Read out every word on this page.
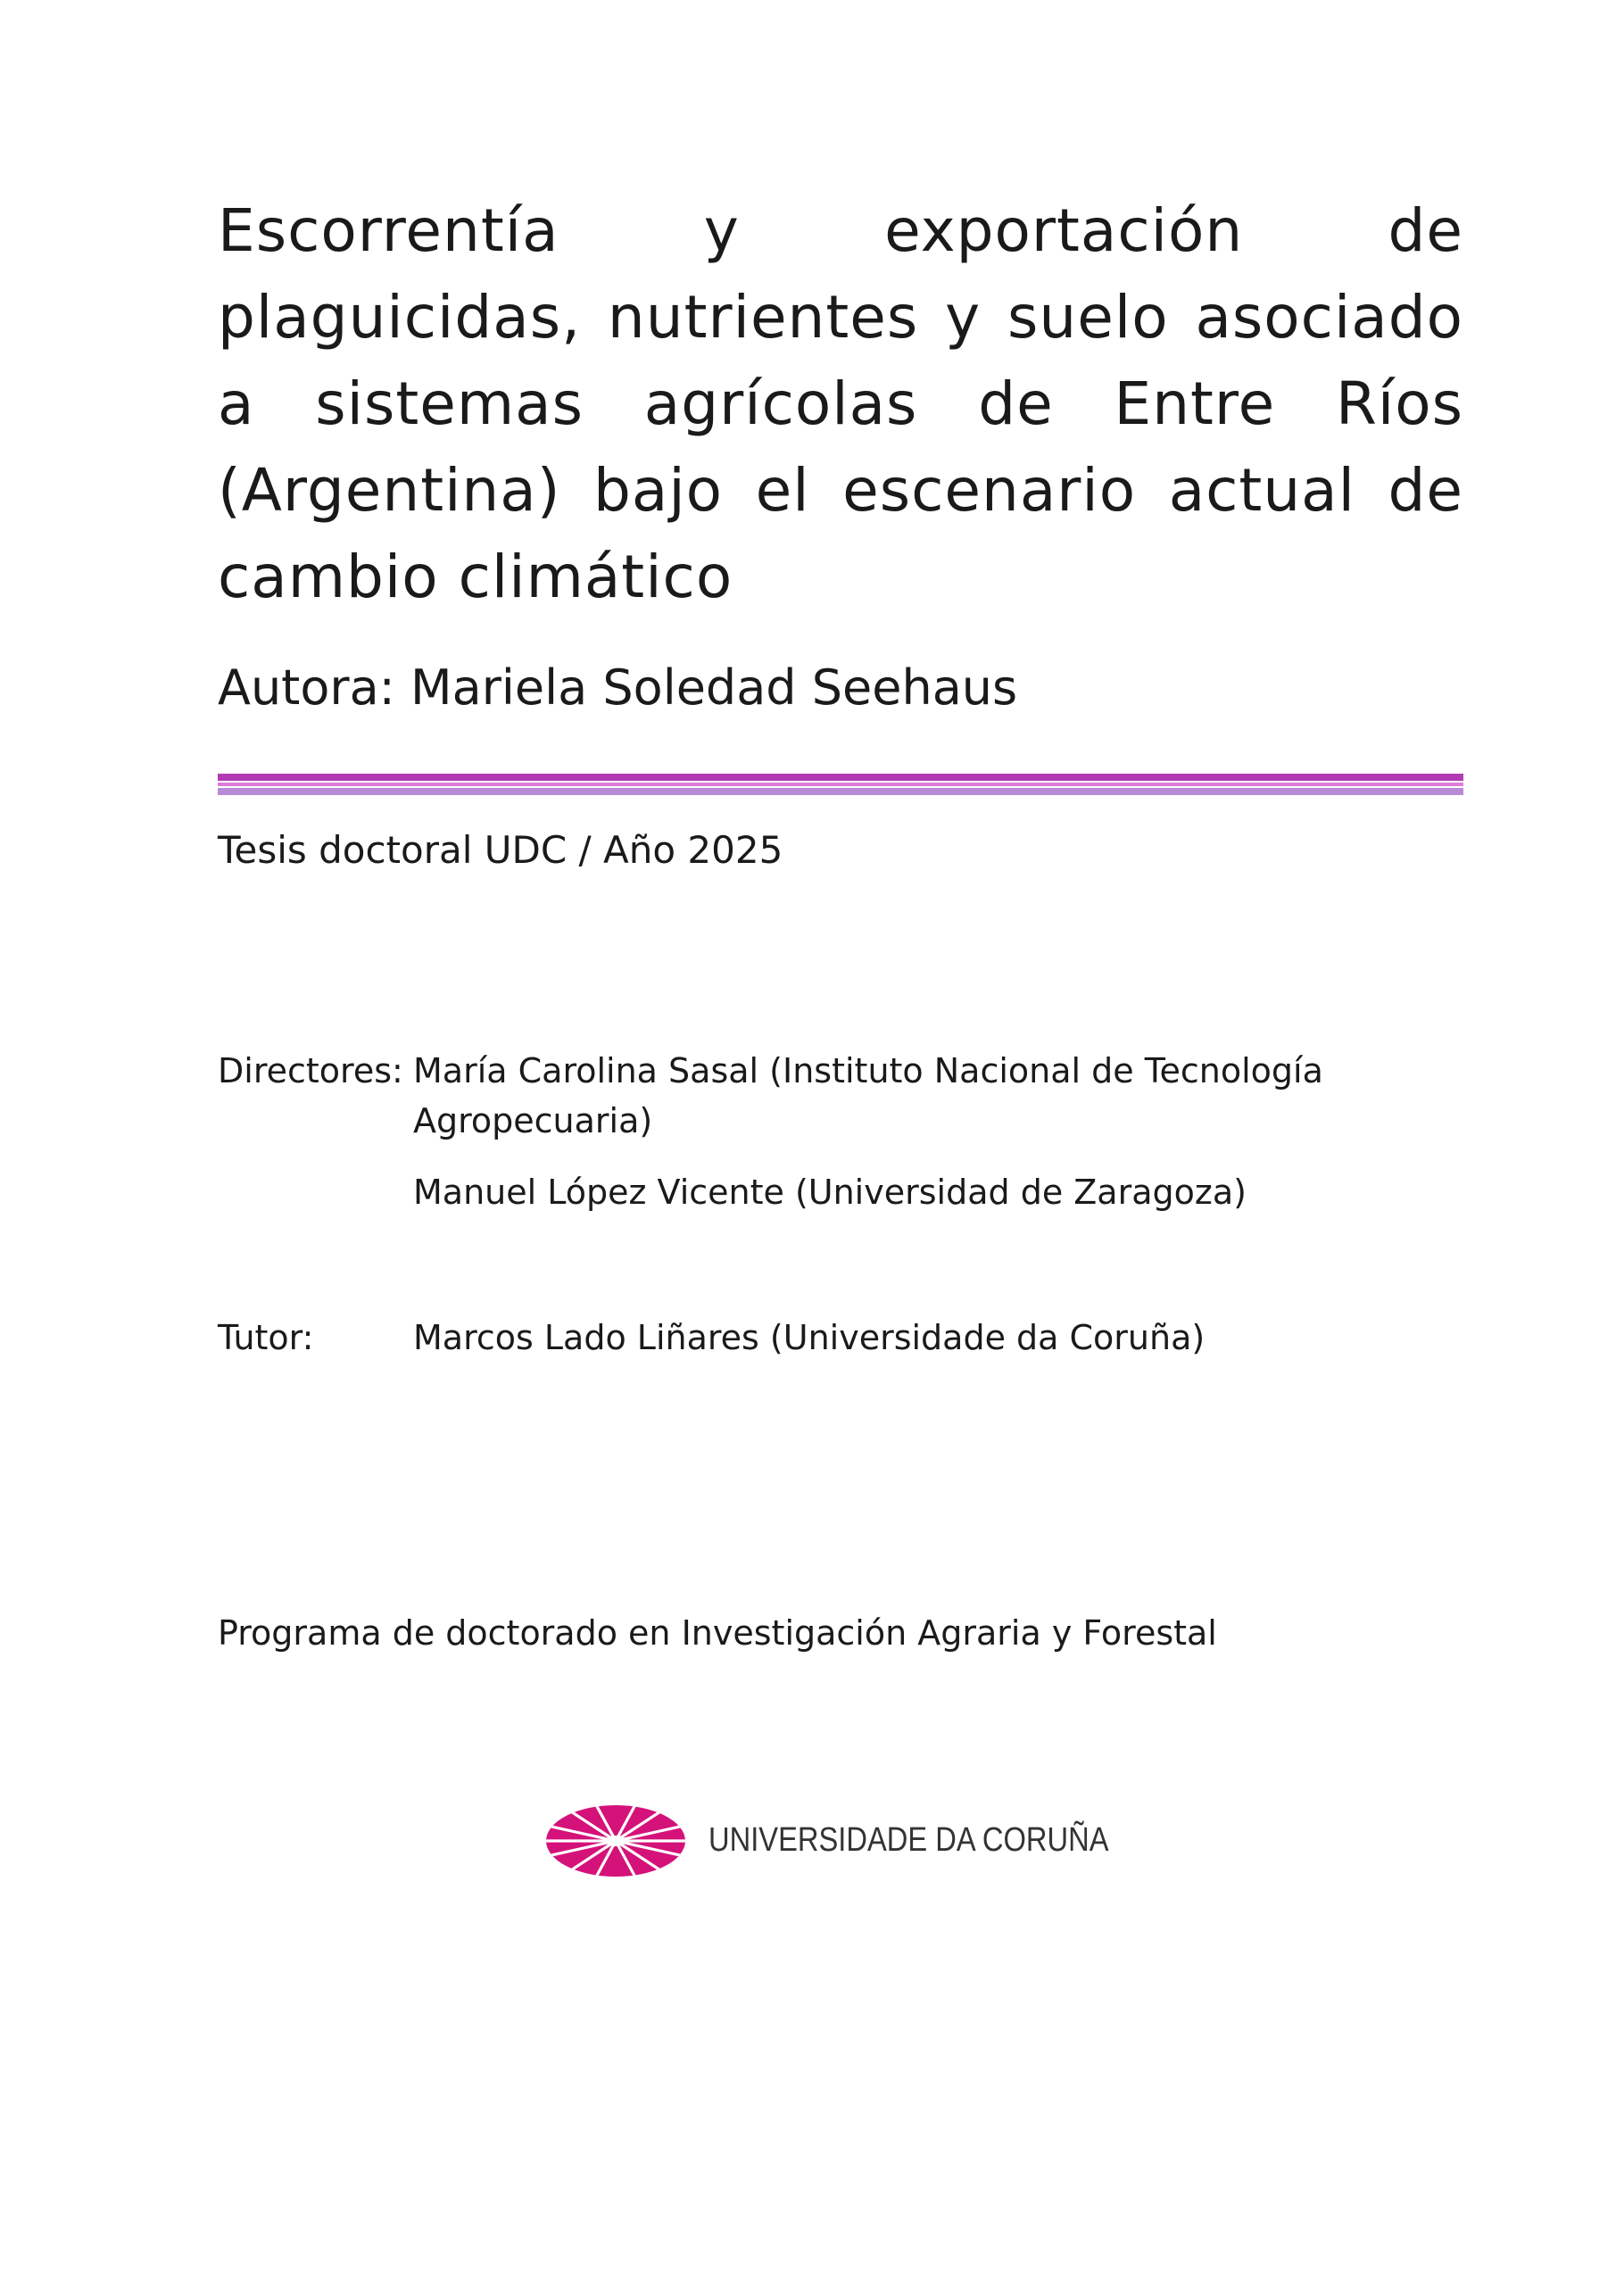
Escorrentía y exportación de plaguicidas, nutrientes y suelo asociado a sistemas agrícolas de Entre Ríos (Argentina) bajo el escenario actual de cambio climático
Autora: Mariela Soledad Seehaus
Tesis doctoral UDC / Año 2025
Directores: María Carolina Sasal (Instituto Nacional de Tecnología
Agropecuaria)
Manuel López Vicente (Universidad de Zaragoza)
Tutor:	Marcos Lado Liñares (Universidade da Coruña)
Programa de doctorado en Investigación Agraria y Forestal
UNIVERSIDADE DA CORUÑA
